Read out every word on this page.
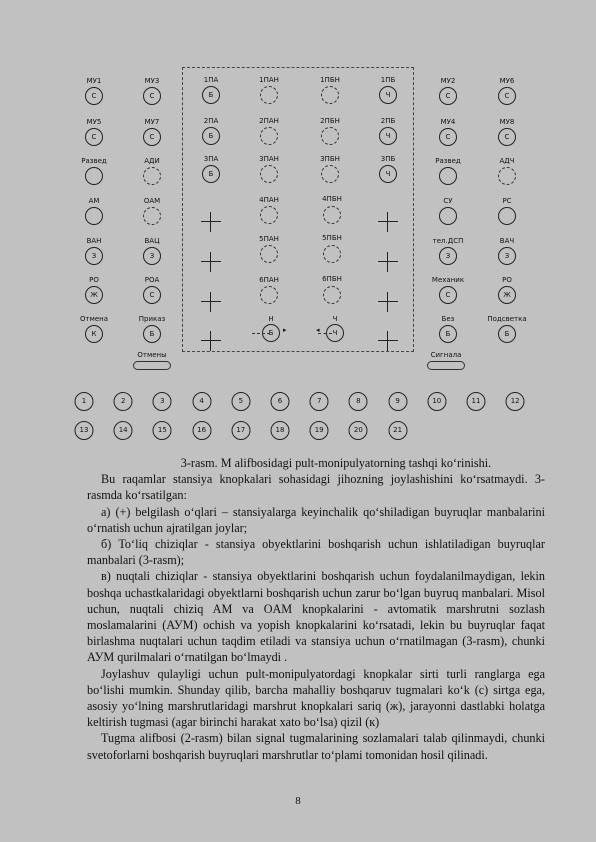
МУ1
С
МУ3
С
МУ5
С
МУ7
С
Развед	АДИ
АМ	ОАМ
ВАН
З
ВАЦ
З
РО
Ж
РОА
С
Отмена
К
Приказ
Б
МУ2
С
МУ6
С
МУ4
С
МУ8
С
Развед	АДЧ
СУ	РС
тел.ДСП
З
ВАЧ
З
Механик
С
РО
Ж
Без
Б
Подсветка
Б
1ПА
Б
1ПАН	1ПБН	1ПБ
Ч
2ПА
Б
2ПАН	2ПБН	2ПБ
Ч
3ПА
Б
3ПАН	3ПБН	3ПБ
Ч
4ПАН	4ПБН
5ПАН	5ПБН
6ПАН	6ПБН
Н
Б
Ч
Ч
▸	◂
Отмены	Сигнала
1	2	3	4	5	6	7	8	9	10	11	12
13	14	15	16	17	18	19	20	21

3-rasm. M alifbosidagi pult-monipulyatorning tashqi ko‘rinishi.

Bu raqamlar stansiya knopkalari sohasidagi jihozning joylashishini ko‘rsatmaydi. 3-rasmda ko‘rsatilgan:

a) (+) belgilash o‘qlari – stansiyalarga keyinchalik qo‘shiladigan buyruqlar manbalarini o‘rnatish uchun ajratilgan joylar;

б) To‘liq chiziqlar - stansiya obyektlarini boshqarish uchun ishlatiladigan buyruqlar manbalari (3-rasm);

в) nuqtali chiziqlar - stansiya obyektlarini boshqarish uchun foydalanilmaydigan, lekin boshqa uchastkalaridagi obyektlarni boshqarish uchun zarur bo‘lgan buyruq manbalari. Misol uchun, nuqtali chiziq AM va OAM knopkalarini - avtomatik marshrutni sozlash moslamalarini (АУМ) ochish va yopish knopkalarini ko‘rsatadi, lekin bu buyruqlar faqat birlashma nuqtalari uchun taqdim etiladi va stansiya uchun o‘rnatilmagan (3-rasm), chunki АУМ qurilmalari o‘rnatilgan bo‘lmaydi .

Joylashuv qulayligi uchun pult-monipulyatordagi knopkalar sirti turli ranglarga ega bo‘lishi mumkin. Shunday qilib, barcha mahalliy boshqaruv tugmalari ko‘k (c) sirtga ega, asosiy yo‘lning marshrutlaridagi marshrut knopkalari sariq (ж), jarayonni dastlabki holatga keltirish tugmasi (agar birinchi harakat xato bo‘lsa) qizil (к)

Tugma alifbosi (2-rasm) bilan signal tugmalarining sozlamalari talab qilinmaydi, chunki svetoforlarni boshqarish buyruqlari marshrutlar to‘plami tomonidan hosil qilinadi.

8
